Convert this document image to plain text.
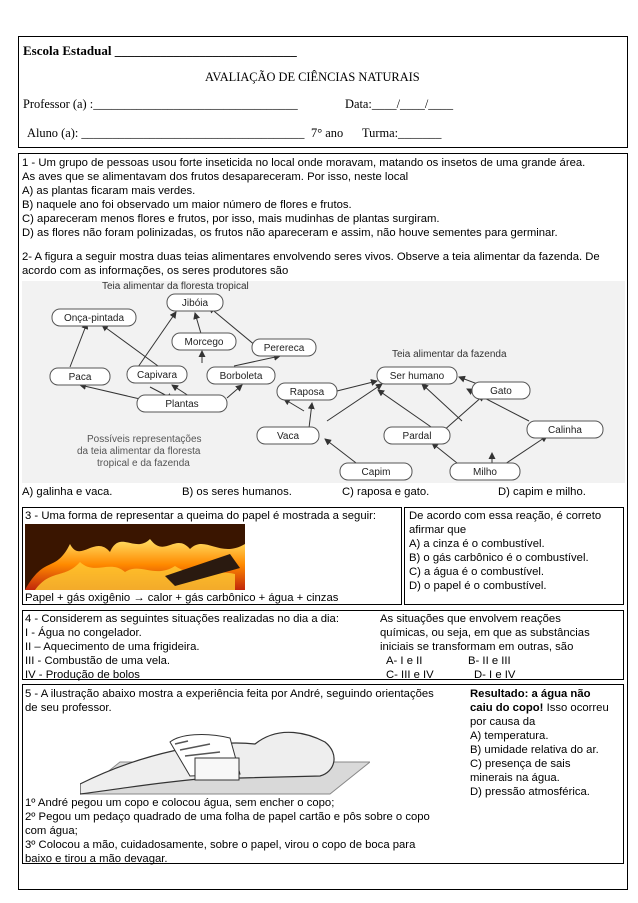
Escola Estadual ____________________________
AVALIAÇÃO DE CIÊNCIAS NATURAIS
Professor (a) :_________________________________	Data:____/____/____
Aluno (a): ____________________________________ 7° ano Turma:_______
1 - Um grupo de pessoas usou forte inseticida no local onde moravam, matando os insetos de uma grande área.
As aves que se alimentavam dos frutos desapareceram. Por isso, neste local
A) as plantas ficaram mais verdes.
B) naquele ano foi observado um maior número de flores e frutos.
C) apareceram menos flores e frutos, por isso, mais mudinhas de plantas surgiram.
D) as flores não foram polinizadas, os frutos não apareceram e assim, não houve sementes para germinar.
2- A figura a seguir mostra duas teias alimentares envolvendo seres vivos. Observe a teia alimentar da fazenda. De
acordo com as informações, os seres produtores são
Teia alimentar da floresta tropical
Teia alimentar da fazenda
Jibóia
Onça-pintada
Morcego
Perereca
Paca	Capivara	Borboleta
Plantas
Ser humano
Raposa	Gato
Vaca	Pardal
Calinha
Capim	Milho
Possíveis representações
da teia alimentar da floresta
tropical e da fazenda
A) galinha e vaca.	B) os seres humanos.	C) raposa e gato.	D) capim e milho.
3 - Uma forma de representar a queima do papel é mostrada a seguir:
Papel + gás oxigênio → calor + gás carbônico + água + cinzas
De acordo com essa reação, é correto
afirmar que
A) a cinza é o combustível.
B) o gás carbônico é o combustível.
C) a água é o combustível.
D) o papel é o combustível.
4 - Considerem as seguintes situações realizadas no dia a dia:
I - Água no congelador.
II – Aquecimento de uma frigideira.
III - Combustão de uma vela.
IV - Produção de bolos
As situações que envolvem reações
químicas, ou seja, em que as substâncias
iniciais se transformam em outras, são
A- I e II	B- II e III
C- III e IV	D- I e IV
5 - A ilustração abaixo mostra a experiência feita por André, seguindo orientações
de seu professor.
1º André pegou um copo e colocou água, sem encher o copo;
2º Pegou um pedaço quadrado de uma folha de papel cartão e pôs sobre o copo
com água;
3º Colocou a mão, cuidadosamente, sobre o papel, virou o copo de boca para
baixo e tirou a mão devagar.
Resultado: a água não
caiu do copo! Isso ocorreu
por causa da
A) temperatura.
B) umidade relativa do ar.
C) presença de sais
minerais na água.
D) pressão atmosférica.
